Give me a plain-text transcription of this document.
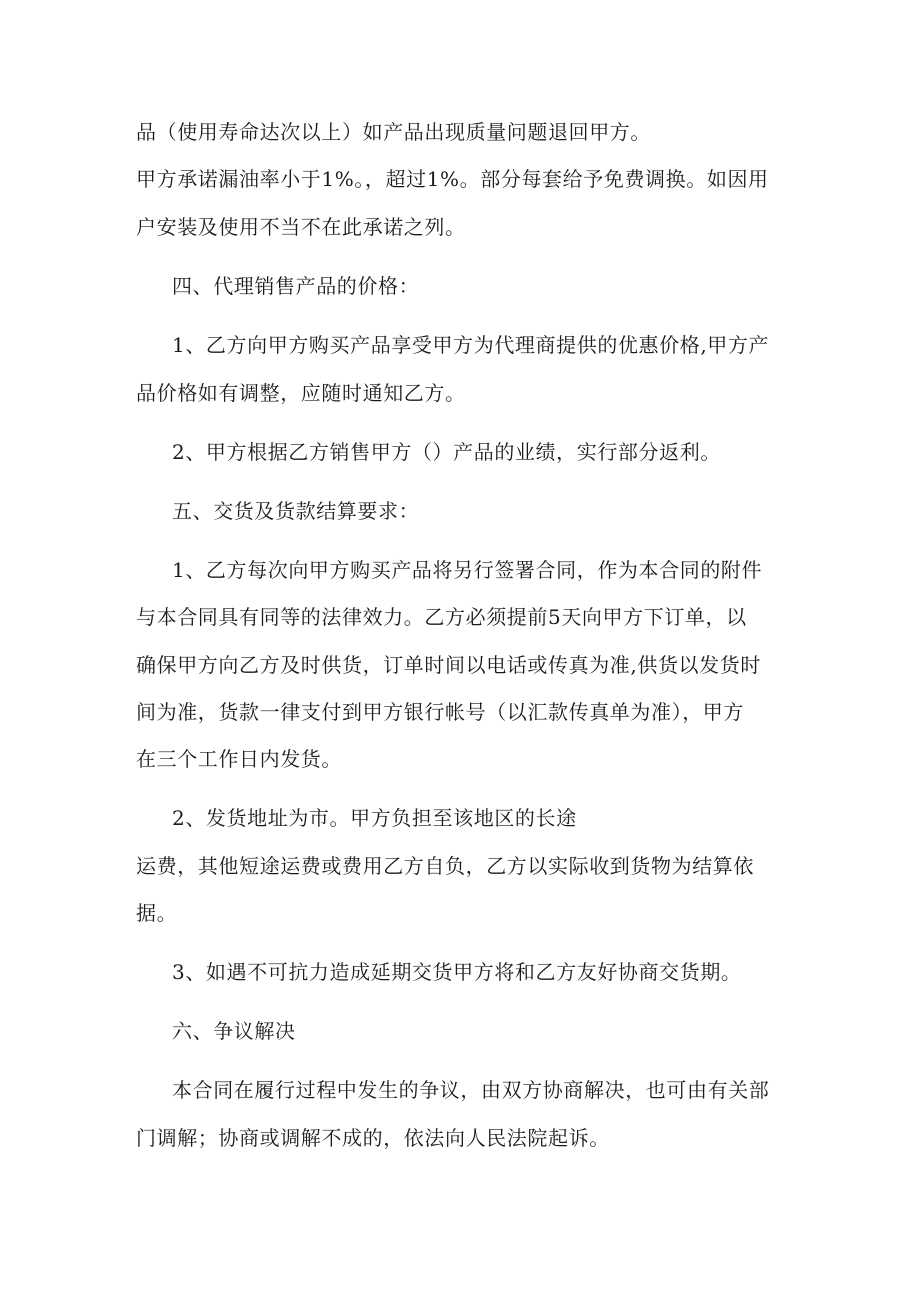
品（使用寿命达次以上）如产品出现质量问题退回甲方。
甲方承诺漏油率小于1%。，超过1%。部分每套给予免费调换。如因用
户安装及使用不当不在此承诺之列。
四、代理销售产品的价格：
1、乙方向甲方购买产品享受甲方为代理商提供的优惠价格,甲方产
品价格如有调整，应随时通知乙方。
2、甲方根据乙方销售甲方（）产品的业绩，实行部分返利。
五、交货及货款结算要求：
1、乙方每次向甲方购买产品将另行签署合同，作为本合同的附件
与本合同具有同等的法律效力。乙方必须提前5天向甲方下订单，以
确保甲方向乙方及时供货，订单时间以电话或传真为准,供货以发货时
间为准，货款一律支付到甲方银行帐号（以汇款传真单为准），甲方
在三个工作日内发货。
2、发货地址为市。甲方负担至该地区的长途
运费，其他短途运费或费用乙方自负，乙方以实际收到货物为结算依
据。
3、如遇不可抗力造成延期交货甲方将和乙方友好协商交货期。
六、争议解决
本合同在履行过程中发生的争议，由双方协商解决，也可由有关部
门调解；协商或调解不成的，依法向人民法院起诉。
